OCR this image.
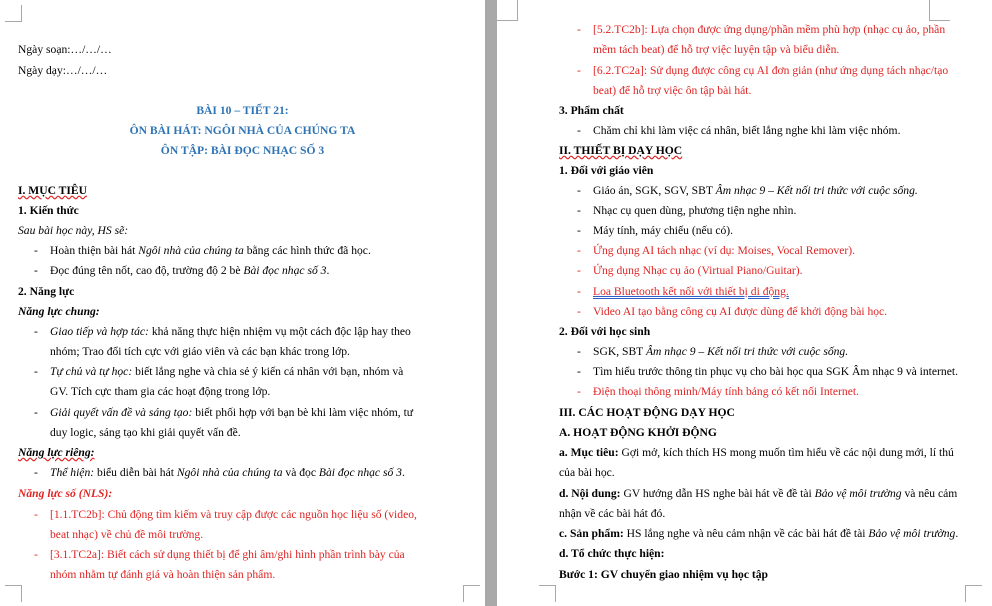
Ngày soạn:…/…/…
Ngày dạy:…/…/…
BÀI 10 – TIẾT 21:
ÔN BÀI HÁT: NGÔI NHÀ CỦA CHÚNG TA
ÔN TẬP: BÀI ĐỌC NHẠC SỐ 3
I. MỤC TIÊU
1. Kiến thức
Sau bài học này, HS sẽ:
- Hoàn thiện bài hát Ngôi nhà của chúng ta bằng các hình thức đã học.
- Đọc đúng tên nốt, cao độ, trường độ 2 bè Bài đọc nhạc số 3.
2. Năng lực
Năng lực chung:
- Giao tiếp và hợp tác: khả năng thực hiện nhiệm vụ một cách độc lập hay theo
nhóm; Trao đổi tích cực với giáo viên và các bạn khác trong lớp.
- Tự chủ và tự học: biết lắng nghe và chia sẻ ý kiến cá nhân với bạn, nhóm và
GV. Tích cực tham gia các hoạt động trong lớp.
- Giải quyết vấn đề và sáng tạo: biết phối hợp với bạn bè khi làm việc nhóm, tư
duy logic, sáng tạo khi giải quyết vấn đề.
Năng lực riêng:
- Thể hiện: biểu diễn bài hát Ngôi nhà của chúng ta và đọc Bài đọc nhạc số 3.
Năng lực số (NLS):
- [1.1.TC2b]: Chủ động tìm kiếm và truy cập được các nguồn học liệu số (video,
beat nhạc) về chủ đề môi trường.
- [3.1.TC2a]: Biết cách sử dụng thiết bị để ghi âm/ghi hình phần trình bày của
nhóm nhằm tự đánh giá và hoàn thiện sản phẩm.
- [5.2.TC2b]: Lựa chọn được ứng dụng/phần mềm phù hợp (nhạc cụ ảo, phần
mềm tách beat) để hỗ trợ việc luyện tập và biểu diễn.
- [6.2.TC2a]: Sử dụng được công cụ AI đơn giản (như ứng dụng tách nhạc/tạo
beat) để hỗ trợ việc ôn tập bài hát.
3. Phẩm chất
- Chăm chỉ khi làm việc cá nhân, biết lắng nghe khi làm việc nhóm.
II. THIẾT BỊ DẠY HỌC
1. Đối với giáo viên
- Giáo án, SGK, SGV, SBT Âm nhạc 9 – Kết nối tri thức với cuộc sống.
- Nhạc cụ quen dùng, phương tiện nghe nhìn.
- Máy tính, máy chiếu (nếu có).
- Ứng dụng AI tách nhạc (ví dụ: Moises, Vocal Remover).
- Ứng dụng Nhạc cụ ảo (Virtual Piano/Guitar).
- Loa Bluetooth kết nối với thiết bị di động.
- Video AI tạo bằng công cụ AI được dùng để khởi động bài học.
2. Đối với học sinh
- SGK, SBT Âm nhạc 9 – Kết nối tri thức với cuộc sống.
- Tìm hiểu trước thông tin phục vụ cho bài học qua SGK Âm nhạc 9 và internet.
- Điện thoại thông minh/Máy tính bảng có kết nối Internet.
III. CÁC HOẠT ĐỘNG DẠY HỌC
A. HOẠT ĐỘNG KHỞI ĐỘNG
a. Mục tiêu: Gợi mở, kích thích HS mong muốn tìm hiểu về các nội dung mới, lí thú
của bài học.
d. Nội dung: GV hướng dẫn HS nghe bài hát về đề tài Bảo vệ môi trường và nêu cảm
nhận về các bài hát đó.
c. Sản phẩm: HS lắng nghe và nêu cảm nhận về các bài hát đề tài Bảo vệ môi trường.
d. Tổ chức thực hiện:
Bước 1: GV chuyển giao nhiệm vụ học tập
